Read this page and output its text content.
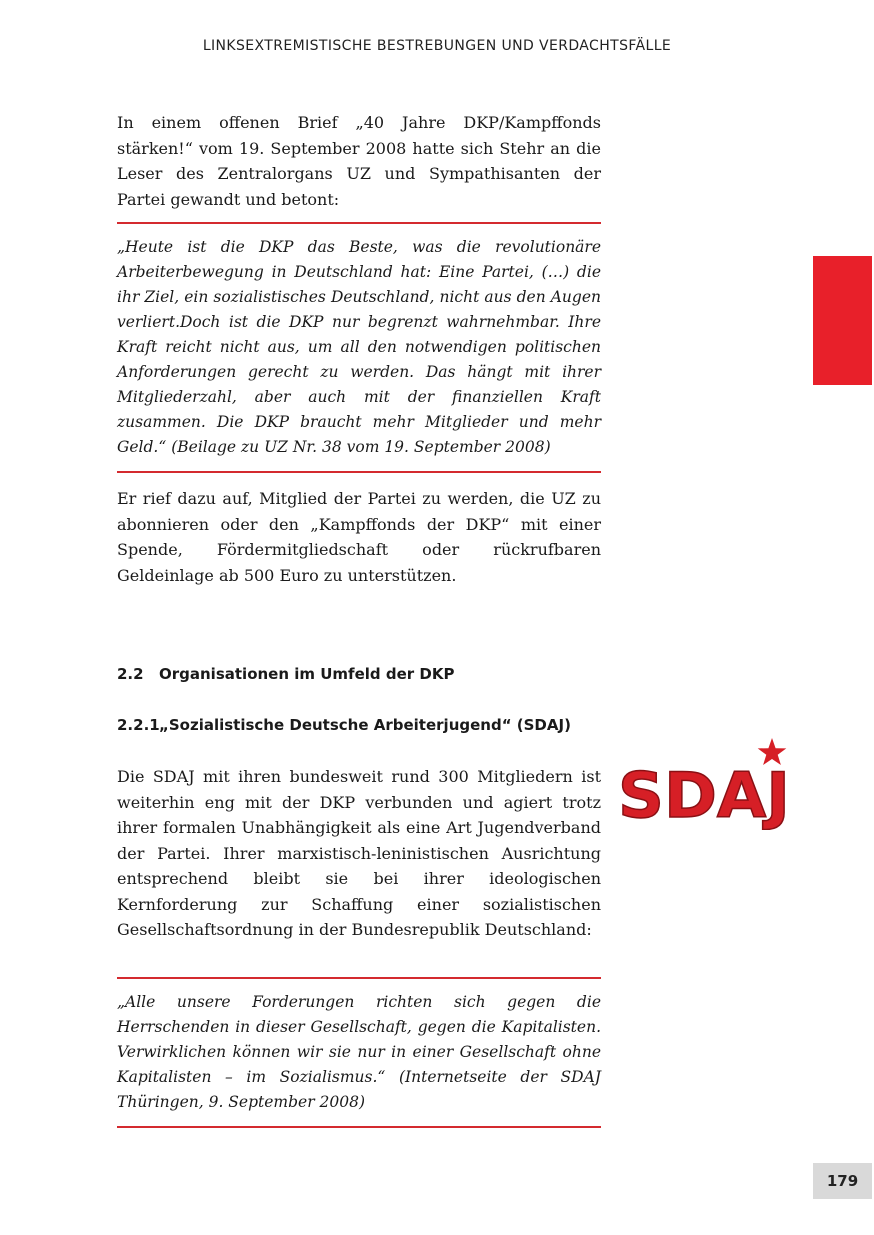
LINKSEXTREMISTISCHE BESTREBUNGEN UND VERDACHTSFÄLLE

In einem offenen Brief „40 Jahre DKP/Kampffonds stärken!“ vom 19. September 2008 hatte sich Stehr an die Leser des Zentralorgans UZ und Sympathisanten der Partei gewandt und betont:

„Heute ist die DKP das Beste, was die revolutionäre Arbeiterbewegung in Deutschland hat: Eine Partei, (…) die ihr Ziel, ein sozialistisches Deutschland, nicht aus den Augen verliert.Doch ist die DKP nur begrenzt wahrnehmbar. Ihre Kraft reicht nicht aus, um all den notwendigen politischen Anforderungen gerecht zu werden. Das hängt mit ihrer Mitgliederzahl, aber auch mit der finanziellen Kraft zusammen. Die DKP braucht mehr Mitglieder und mehr Geld.“ (Beilage zu UZ Nr. 38 vom 19. September 2008)

Er rief dazu auf, Mitglied der Partei zu werden, die UZ zu abonnieren oder den „Kampffonds der DKP“ mit einer Spende, Fördermitgliedschaft oder rückrufbaren Geldeinlage ab 500 Euro zu unterstützen.

2.2 Organisationen im Umfeld der DKP
2.2.1„Sozialistische Deutsche Arbeiterjugend“ (SDAJ)

Die SDAJ mit ihren bundesweit rund 300 Mitgliedern ist weiterhin eng mit der DKP verbunden und agiert trotz ihrer formalen Unabhängigkeit als eine Art Jugendverband der Partei. Ihrer marxistisch-leninistischen Ausrichtung entsprechend bleibt sie bei ihrer ideologischen Kernforderung zur Schaffung einer sozialistischen Gesellschaftsordnung in der Bundesrepublik Deutschland:

„Alle unsere Forderungen richten sich gegen die Herrschenden in dieser Gesellschaft, gegen die Kapitalisten. Verwirklichen können wir sie nur in einer Gesellschaft ohne Kapitalisten – im Sozialismus.“ (Internetseite der SDAJ Thüringen, 9. September 2008)

SDAJ
179
